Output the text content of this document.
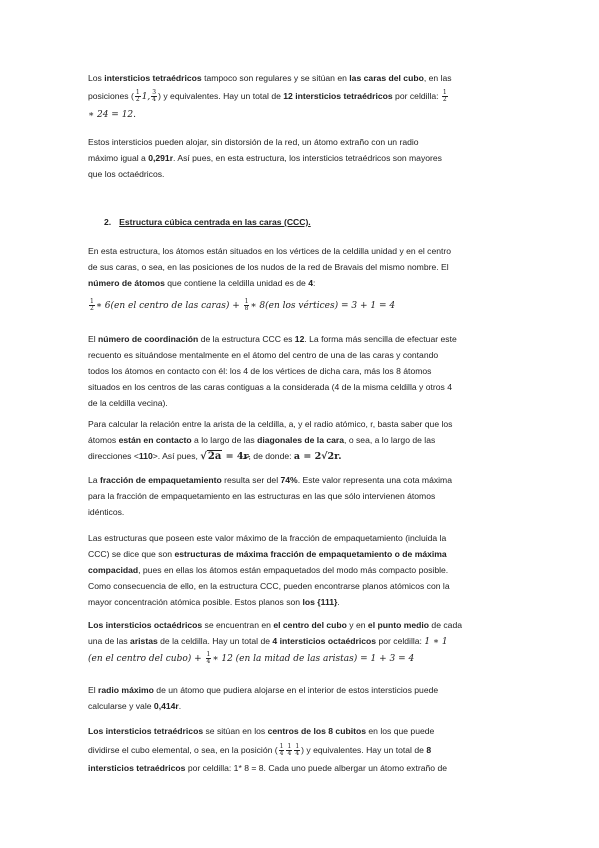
Los intersticios tetraédricos tampoco son regulares y se sitúan en las caras del cubo, en las

posiciones ( $\frac{1}{2} 1$, $\frac{3}{4}$ ) y equivalentes. Hay un total de 12 intersticios tetraédricos por celdilla: $\frac{1}{2}$

∗ 24 = 12.

Estos intersticios pueden alojar, sin distorsión de la red, un átomo extraño con un radio

máximo igual a 0,291r. Así pues, en esta estructura, los intersticios tetraédricos son mayores

que los octaédricos.

2. Estructura cúbica centrada en las caras (CCC).

En esta estructura, los átomos están situados en los vértices de la celdilla unidad y en el centro

de sus caras, o sea, en las posiciones de los nudos de la red de Bravais del mismo nombre. El

número de átomos que contiene la celdilla unidad es de 4:

$\frac{1}{2}$ ∗ 6(en el centro de las caras) + $\frac{1}{8}$ ∗ 8(en los vértices) = 3 + 1 = 4

El número de coordinación de la estructura CCC es 12. La forma más sencilla de efectuar este

recuento es situándose mentalmente en el átomo del centro de una de las caras y contando

todos los átomos en contacto con él: los 4 de los vértices de dicha cara, más los 8 átomos

situados en los centros de las caras contiguas a la considerada (4 de la misma celdilla y otros 4

de la celdilla vecina).

Para calcular la relación entre la arista de la celdilla, a, y el radio atómico, r, basta saber que los

átomos están en contacto a lo largo de las diagonales de la cara, o sea, a lo largo de las

direcciones <110>. Así pues, √2a = 4r, de donde: a = 2√2r.

La fracción de empaquetamiento resulta ser del 74%. Este valor representa una cota máxima

para la fracción de empaquetamiento en las estructuras en las que sólo intervienen átomos

idénticos.

Las estructuras que poseen este valor máximo de la fracción de empaquetamiento (incluida la

CCC) se dice que son estructuras de máxima fracción de empaquetamiento o de máxima

compacidad, pues en ellas los átomos están empaquetados del modo más compacto posible.

Como consecuencia de ello, en la estructura CCC, pueden encontrarse planos atómicos con la

mayor concentración atómica posible. Estos planos son los {111}.

Los intersticios octaédricos se encuentran en el centro del cubo y en el punto medio de cada

una de las aristas de la celdilla. Hay un total de 4 intersticios octaédricos por celdilla: 1 ∗ 1

(en el centro del cubo) + $\frac{1}{4}$ ∗ 12 (en la mitad de las aristas) = 1 + 3 = 4

El radio máximo de un átomo que pudiera alojarse en el interior de estos intersticios puede

calcularse y vale 0,414r.

Los intersticios tetraédricos se sitúan en los centros de los 8 cubitos en los que puede

dividirse el cubo elemental, o sea, en la posición ( $\frac{1}{4} \frac{1}{4} \frac{1}{4}$ ) y equivalentes. Hay un total de 8

intersticios tetraédricos por celdilla: 1* 8 = 8. Cada uno puede albergar un átomo extraño de
